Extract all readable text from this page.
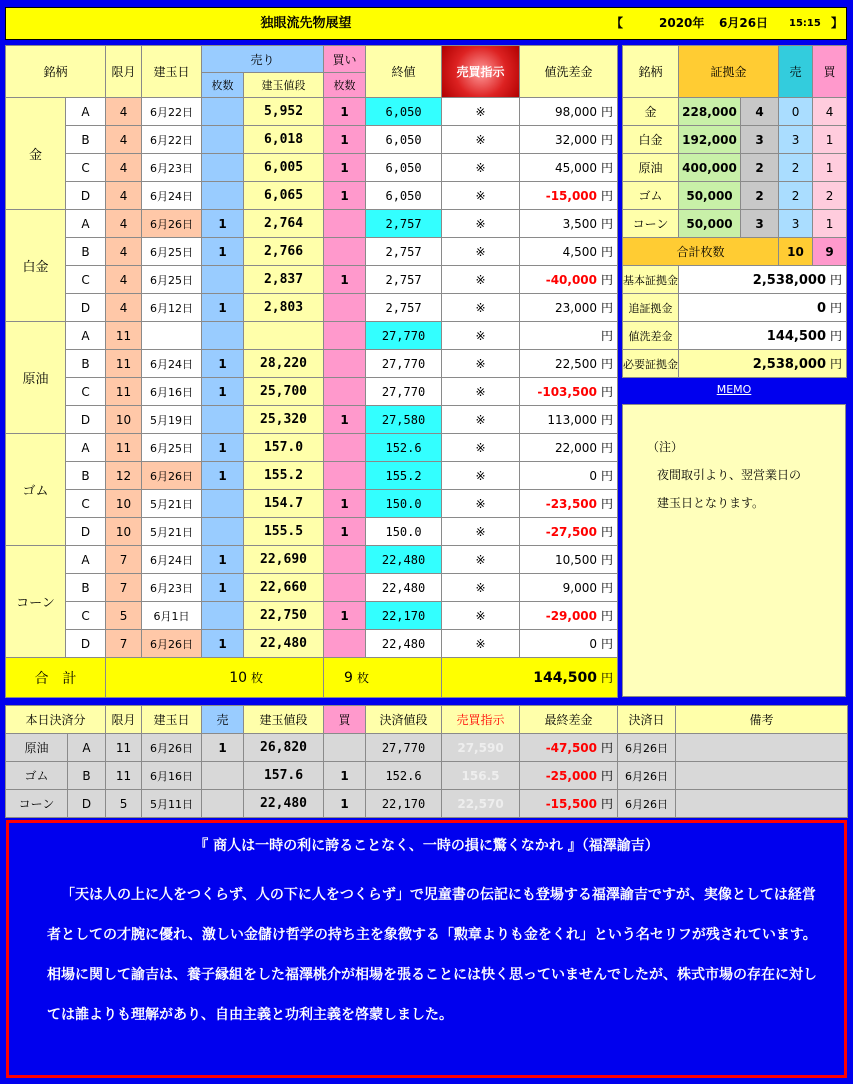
独眼流先物展望	【	2020年 6月26日 15:15 】
銘柄		限月	建玉日	売り		買い	終値	売買指示	値洗差金
				枚数	建玉値段	枚数			
金	A	4	6月22日		5,952	1	6,050	※	98,000 円
	B	4	6月22日		6,018	1	6,050	※	32,000 円
	C	4	6月23日		6,005	1	6,050	※	45,000 円
	D	4	6月24日		6,065	1	6,050	※	-15,000 円
白金	A	4	6月26日	1	2,764		2,757	※	3,500 円
	B	4	6月25日	1	2,766		2,757	※	4,500 円
	C	4	6月25日		2,837	1	2,757	※	-40,000 円
	D	4	6月12日	1	2,803		2,757	※	23,000 円
原油	A	11					27,770	※	円
	B	11	6月24日	1	28,220		27,770	※	22,500 円
	C	11	6月16日	1	25,700		27,770	※	-103,500 円
	D	10	5月19日		25,320	1	27,580	※	113,000 円
ゴム	A	11	6月25日	1	157.0		152.6	※	22,000 円
	B	12	6月26日	1	155.2		155.2	※	0 円
	C	10	5月21日		154.7	1	150.0	※	-23,500 円
	D	10	5月21日		155.5	1	150.0	※	-27,500 円
コーン	A	7	6月24日	1	22,690		22,480	※	10,500 円
	B	7	6月23日	1	22,660		22,480	※	9,000 円
	C	5	6月1日		22,750	1	22,170	※	-29,000 円
	D	7	6月26日	1	22,480		22,480	※	0 円
合　計		10 枚				9 枚		144,500 円	
銘柄	証拠金		売	買
金	228,000	4	0	4
白金	192,000	3	3	1
原油	400,000	2	2	1
ゴム	50,000	2	2	2
コーン	50,000	3	3	1
合計枚数			10	9
基本証拠金	2,538,000 円			
追証拠金	0 円			
値洗差金	144,500 円			
必要証拠金	2,538,000 円			
MEMO
（注）
夜間取引より、翌営業日の
建玉日となります。
本日決済分		限月	建玉日	売	建玉値段	買	決済値段	売買指示	最終差金	決済日	備考
原油	A	11	6月26日	1	26,820		27,770	27,590	-47,500 円	6月26日	
ゴム	B	11	6月16日		157.6	1	152.6	156.5	-25,000 円	6月26日	
コーン	D	5	5月11日		22,480	1	22,170	22,570	-15,500 円	6月26日	
『 商人は一時の利に誇ることなく、一時の損に驚くなかれ 』（福澤諭吉）
「天は人の上に人をつくらず、人の下に人をつくらず」で児童書の伝記にも登場する福澤諭吉ですが、実像としては経営者としての才腕に優れ、激しい金儲け哲学の持ち主を象徴する「勲章よりも金をくれ」という名セリフが残されています。相場に関して諭吉は、養子縁組をした福澤桃介が相場を張ることには快く思っていませんでしたが、株式市場の存在に対しては誰よりも理解があり、自由主義と功利主義を啓蒙しました。
